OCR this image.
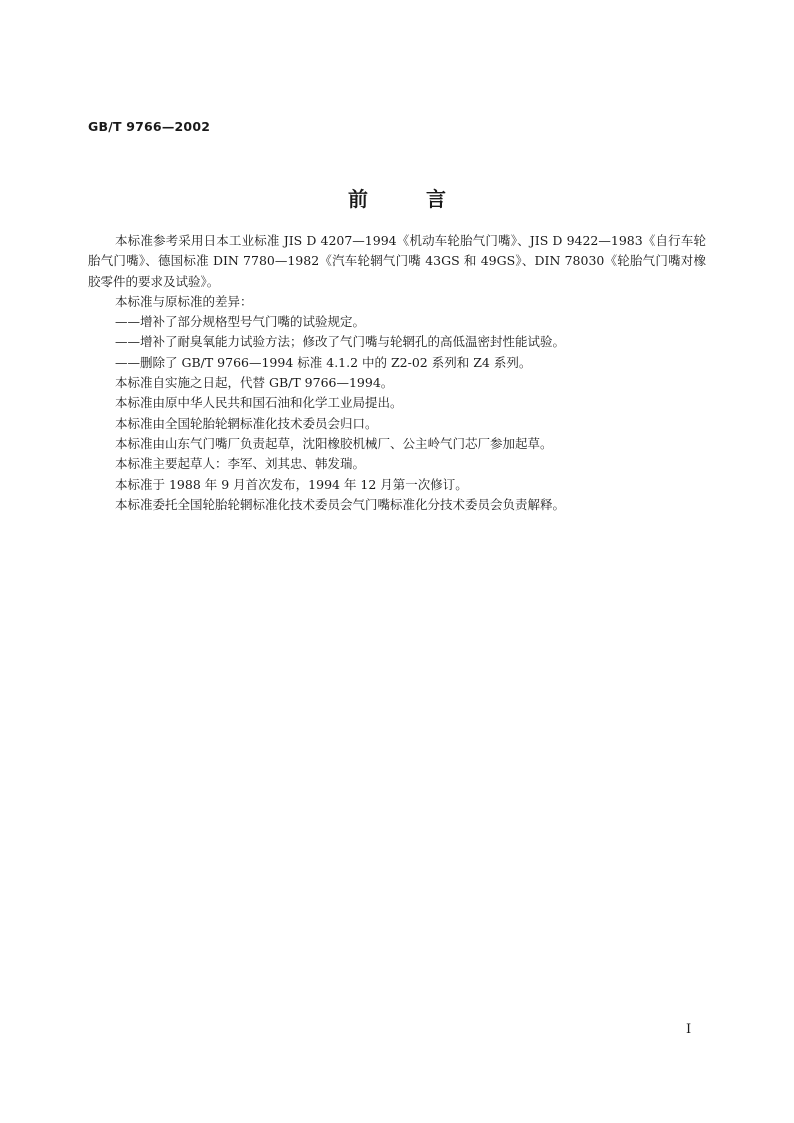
GB/T 9766—2002
前言

本标准参考采用日本工业标准 JIS D 4207—1994《机动车轮胎气门嘴》、JIS D 9422—1983《自行车轮胎气门嘴》、德国标准 DIN 7780—1982《汽车轮辋气门嘴 43GS 和 49GS》、DIN 78030《轮胎气门嘴对橡胶零件的要求及试验》。

本标准与原标准的差异：

——增补了部分规格型号气门嘴的试验规定。

——增补了耐臭氧能力试验方法；修改了气门嘴与轮辋孔的高低温密封性能试验。

——删除了 GB/T 9766—1994 标准 4.1.2 中的 Z2-02 系列和 Z4 系列。

本标准自实施之日起，代替 GB/T 9766—1994。

本标准由原中华人民共和国石油和化学工业局提出。

本标准由全国轮胎轮辋标准化技术委员会归口。

本标准由山东气门嘴厂负责起草，沈阳橡胶机械厂、公主岭气门芯厂参加起草。

本标准主要起草人：李军、刘其忠、韩发瑞。

本标准于 1988 年 9 月首次发布，1994 年 12 月第一次修订。

本标准委托全国轮胎轮辋标准化技术委员会气门嘴标准化分技术委员会负责解释。

I
